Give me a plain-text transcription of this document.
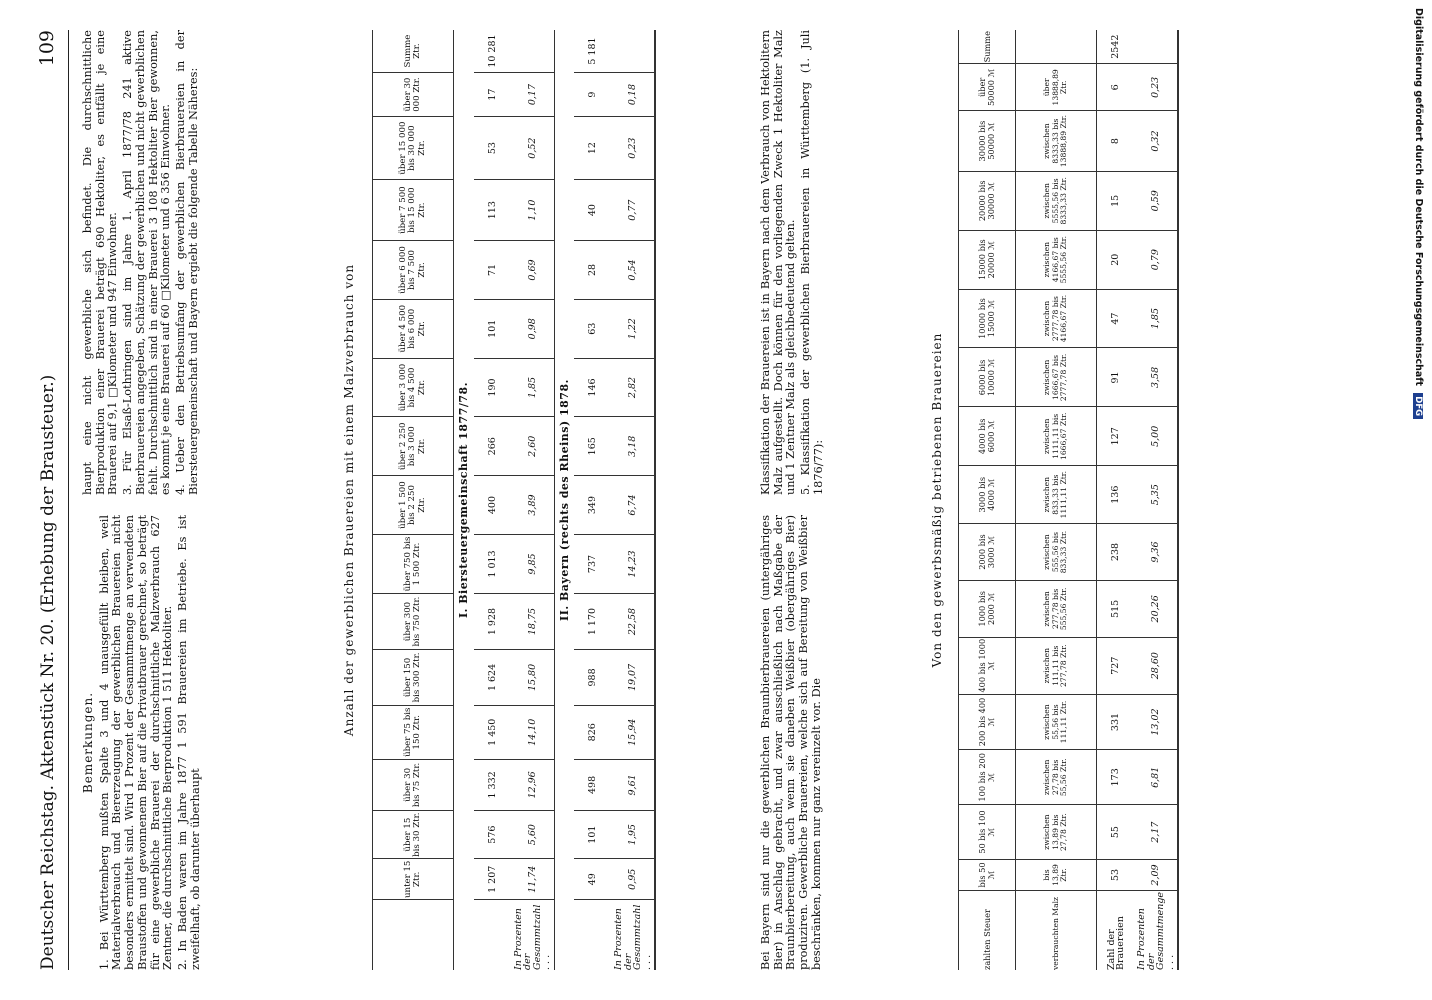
Deutscher Reichstag. Aktenstück Nr. 20. (Erhebung der Brausteuer.)
109

Bemerkungen. 1. Bei Württemberg mußten Spalte 3 und 4 unausgefüllt bleiben, weil Materialverbrauch und Biererzeugung der gewerblichen Brauereien nicht besonders ermittelt sind. Wird 1 Prozent der Gesammtmenge an verwendeten Braustoffen und gewonnenem Bier auf die Privatbrauer gerechnet, so beträgt für eine gewerbliche Brauerei der durchschnittliche Malzverbrauch 627 Zentner, die durchschnittliche Bierproduktion 1 511 Hektoliter. 2. In Baden waren im Jahre 1877 1 591 Brauereien im Betriebe. Es ist zweifelhaft, ob darunter überhaupt

haupt eine nicht gewerbliche sich befindet. Die durchschnittliche Bierproduktion einer Brauerei beträgt 690 Hektoliter, es entfällt je eine Brauerei auf 9,1 □Kilometer und 947 Einwohner. 3. Für Elsaß-Lothringen sind im Jahre 1. April 1877/78 241 aktive Bierbrauereien angegeben, Schätzung der gewerblichen und nicht gewerblichen fehlt. Durchschnittlich sind in einer Brauerei 3 108 Hektoliter Bier gewonnen, es kommt je eine Brauerei auf 60 □Kilometer und 6 356 Einwohner. 4. Ueber den Betriebsumfang der gewerblichen Bierbrauereien in der Biersteuergemeinschaft und Bayern ergiebt die folgende Tabelle Näheres:	Anzahl der gewerblichen Brauereien mit einem Malzverbrauch von
	unter 15 Ztr.	über 15 bis 30 Ztr.	über 30 bis 75 Ztr.	über 75 bis 150 Ztr.	über 150 bis 300 Ztr.	über 300 bis 750 Ztr.	über 750 bis 1 500 Ztr.	über 1 500 bis 2 250 Ztr.	über 2 250 bis 3 000 Ztr.	über 3 000 bis 4 500 Ztr.	über 4 500 bis 6 000 Ztr.	über 6 000 bis 7 500 Ztr.	über 7 500 bis 15 000 Ztr.	über 15 000 bis 30 000 Ztr.	über 30 000 Ztr.	Summe Ztr.
I. Biersteuergemeinschaft 1877/78.																
	1 207	576	1 332	1 450	1 624	1 928	1 013	400	266	190	101	71	113	53	17	10 281
In Prozenten der Gesammtzahl . . .	11,74	5,60	12,96	14,10	15,80	18,75	9,85	3,89	2,60	1,85	0,98	0,69	1,10	0,52	0,17	
II. Bayern (rechts des Rheins) 1878.																
	49	101	498	826	988	1 170	737	349	165	146	63	28	40	12	9	5 181
In Prozenten der Gesammtzahl . . .	0,95	1,95	9,61	15,94	19,07	22,58	14,23	6,74	3,18	2,82	1,22	0,54	0,77	0,23	0,18	

Bei Bayern sind nur die gewerblichen Braunbierbrauereien (untergähriges Bier) in Anschlag gebracht, und zwar ausschließlich nach Maßgabe der Braunbierbereitung, auch wenn sie daneben Weißbier (obergähriges Bier) produziren. Gewerbliche Brauereien, welche sich auf Bereitung von Weißbier beschränken, kommen nur ganz vereinzelt vor. Die

Klassifikation der Brauereien ist in Bayern nach dem Verbrauch von Hektolitern Malz aufgestellt. Doch können für den vorliegenden Zweck 1 Hektoliter Malz und 1 Zentner Malz als gleichbedeutend gelten. 5. Klassifikation der gewerblichen Bierbrauereien in Württemberg (1. Juli 1876/77):	Von den gewerbsmäßig betriebenen Brauereien
zahlten Steuer	bis 50 ℳ	50 bis 100 ℳ	100 bis 200 ℳ	200 bis 400 ℳ	400 bis 1000 ℳ	1000 bis 2000 ℳ	2000 bis 3000 ℳ	3000 bis 4000 ℳ	4000 bis 6000 ℳ	6000 bis 10000 ℳ	10000 bis 15000 ℳ	15000 bis 20000 ℳ	20000 bis 30000 ℳ	30000 bis 50000 ℳ	über 50000 ℳ	Summe
verbrauchten Malz	bis 13,89 Ztr.	zwischen 13,89 bis 27,78 Ztr.	zwischen 27,78 bis 55,56 Ztr.	zwischen 55,56 bis 111,11 Ztr.	zwischen 111,11 bis 277,78 Ztr.	zwischen 277,78 bis 555,56 Ztr.	zwischen 555,56 bis 833,33 Ztr.	zwischen 833,33 bis 1111,11 Ztr.	zwischen 1111,11 bis 1666,67 Ztr.	zwischen 1666,67 bis 2777,78 Ztr.	zwischen 2777,78 bis 4166,67 Ztr.	zwischen 4166,67 bis 5555,56 Ztr.	zwischen 5555,56 bis 8333,33 Ztr.	zwischen 8333,33 bis 13888,89 Ztr.	über 13888,89 Ztr.	
Zahl der Brauereien	53	55	173	331	727	515	238	136	127	91	47	20	15	8	6	2542
In Prozenten der Gesammtmenge . . .	2,09	2,17	6,81	13,02	28,60	20,26	9,36	5,35	5,00	3,58	1,85	0,79	0,59	0,32	0,23		Digitalisierung gefördert durch die Deutsche Forschungsgemeinschaft DFG
